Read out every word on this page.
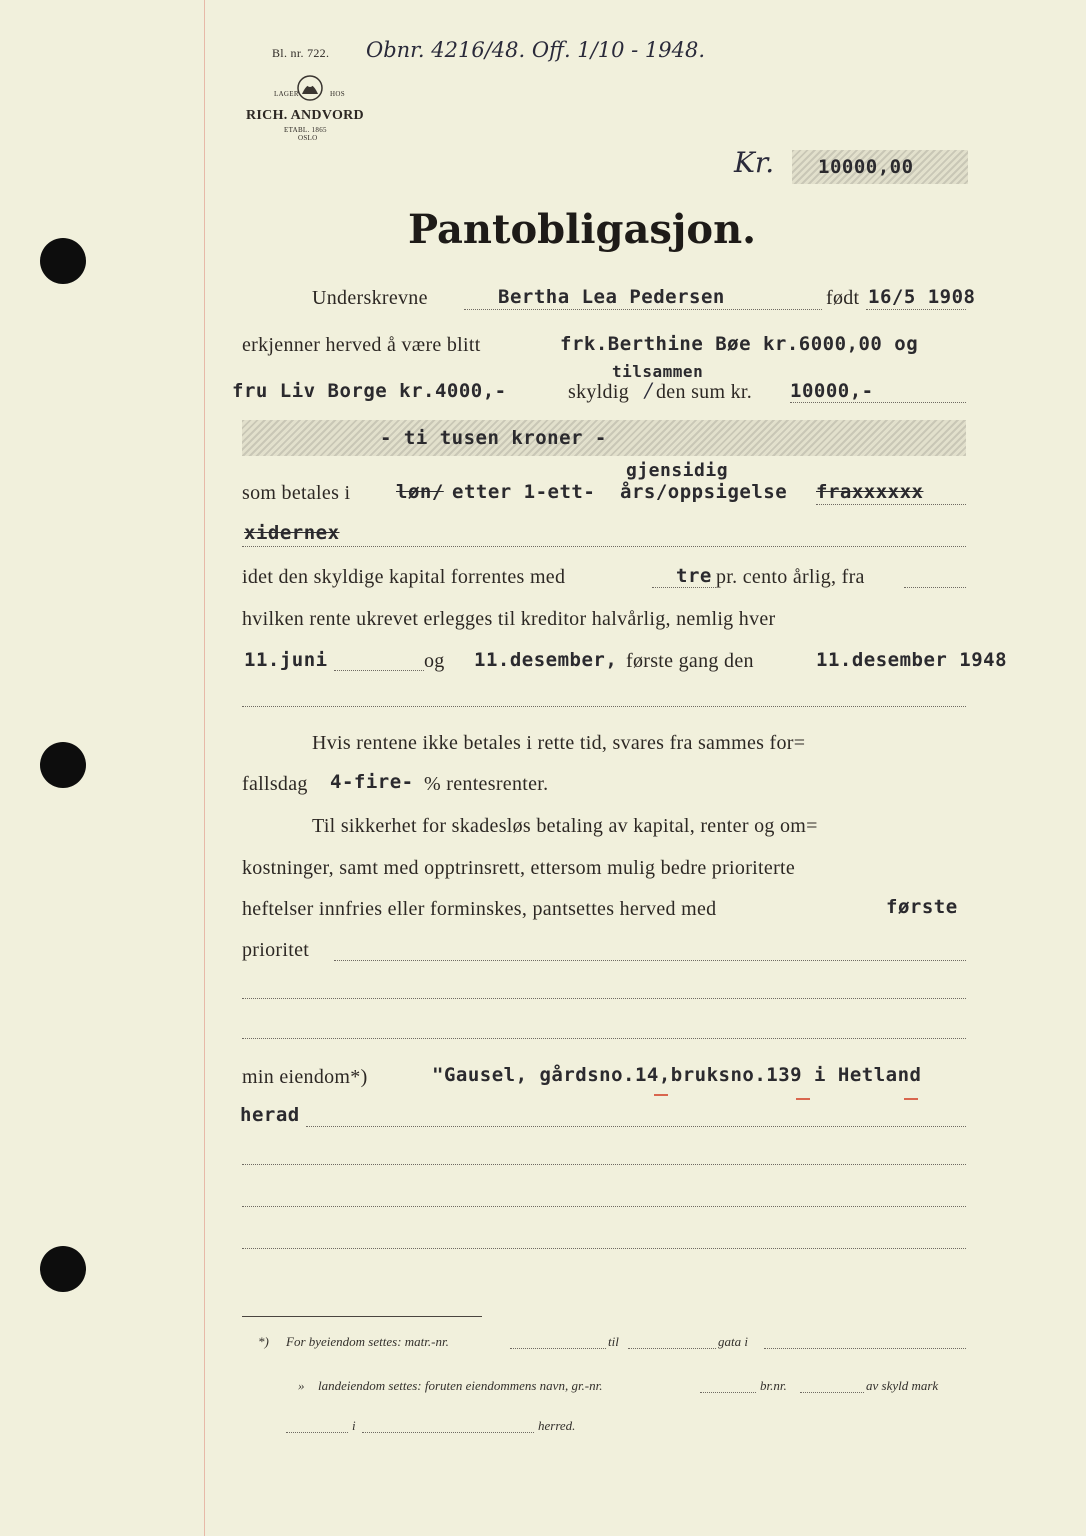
Bl. nr. 722. Obnr. 4216/48. Off. 1/10 - 1948.
LAGER	HOS
RICH. ANDVORD
ETABL. 1865
OSLO
Kr. 10000,00
Pantobligasjon.
Underskrevne	Bertha Lea Pedersen	født 16/5 1908
erkjenner herved å være blitt	frk.Berthine Bøe kr.6000,00 og
fru Liv Borge kr.4000,-
tilsammen
skyldig / den sum kr. 10000,-
- ti tusen kroner -
gjensidig
som betales i løn/ etter 1-ett- års/oppsigelse fraxxxxxx
xidernex
idet den skyldige kapital forrentes med	tre pr. cento årlig, fra
hvilken rente ukrevet erlegges til kreditor halvårlig, nemlig hver
11.juni	og 11.desember, første gang den	11.desember 1948
Hvis rentene ikke betales i rette tid, svares fra sammes for=
fallsdag 4-fire- % rentesrenter.
Til sikkerhet for skadesløs betaling av kapital, renter og om=
kostninger, samt med opptrinsrett, ettersom mulig bedre prioriterte
heftelser innfries eller forminskes, pantsettes herved med	første
prioritet
min eiendom*)	"Gausel, gårdsno.14,bruksno.139 i Hetland
herad
*) For byeiendom settes: matr.-nr.	til	gata i
» landeiendom settes: foruten eiendommens navn, gr.-nr.	br.nr.	av skyld mark
i	herred.
